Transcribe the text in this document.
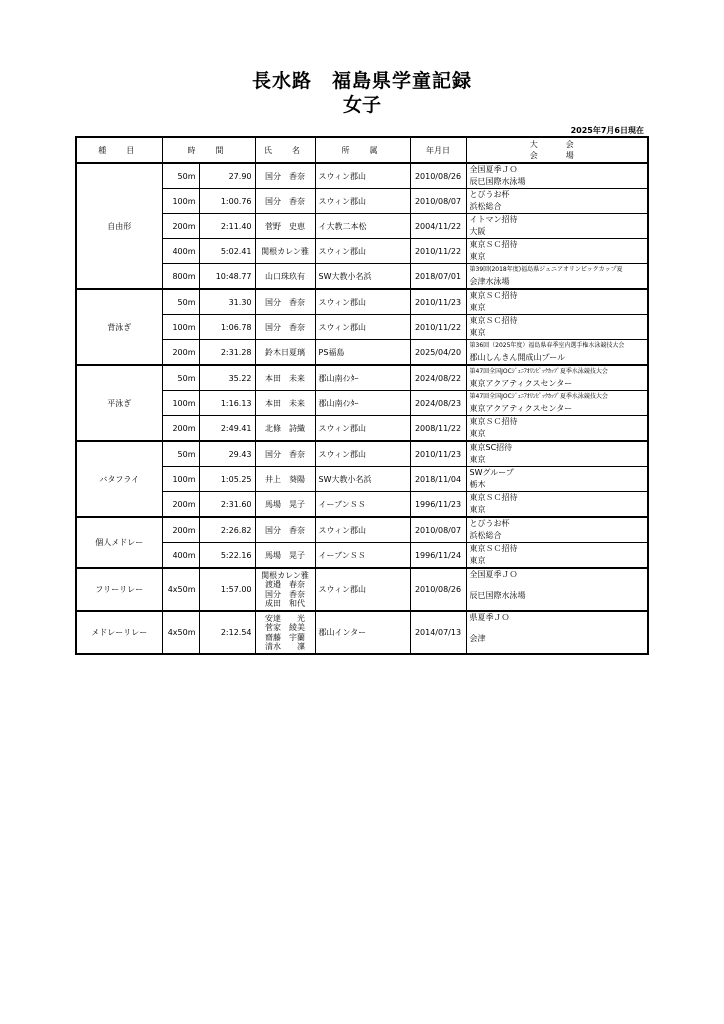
長水路　福島県学童記録
女子
2025年7月6日現在
種　目	時　間		氏　名	所　属	年月日	大　会
会　場

自由形	50m	27.90	国分　香奈	スウィン郡山	2010/08/26	全国夏季ＪＯ
辰巳国際水泳場

	100m	1:00.76	国分　香奈	スウィン郡山	2010/08/07	とびうお杯
浜松総合

	200m	2:11.40	菅野　史恵	イ大教二本松	2004/11/22	イトマン招待
大阪

	400m	5:02.41	関根カレン雅	スウィン郡山	2010/11/22	東京ＳＣ招待
東京

	800m	10:48.77	山口珠玖有	SW大教小名浜	2018/07/01	第39回(2018年度)福島県ジュニアオリンピックカップ夏
会津水泳場

背泳ぎ	50m	31.30	国分　香奈	スウィン郡山	2010/11/23	東京ＳＣ招待
東京

	100m	1:06.78	国分　香奈	スウィン郡山	2010/11/22	東京ＳＣ招待
東京

	200m	2:31.28	鈴木日夏璃	PS福島	2025/04/20	第36回（2025年度）福島県春季室内選手権水泳競技大会
郡山しんきん開成山プール

平泳ぎ	50m	35.22	本田　未来	郡山南ｲﾝﾀｰ	2024/08/22	第47回全国JOCｼﾞｭﾆｱｵﾘﾝﾋﾟｯｸｶｯﾌﾟ夏季水泳競技大会
東京アクアティクスセンター

	100m	1:16.13	本田　未来	郡山南ｲﾝﾀｰ	2024/08/23	第47回全国JOCｼﾞｭﾆｱｵﾘﾝﾋﾟｯｸｶｯﾌﾟ夏季水泳競技大会
東京アクアティクスセンター

	200m	2:49.41	北條　詩織	スウィン郡山	2008/11/22	東京ＳＣ招待
東京

バタフライ	50m	29.43	国分　香奈	スウィン郡山	2010/11/23	東京SC招待
東京

	100m	1:05.25	井上　葵陽	SW大教小名浜	2018/11/04	SWグループ
栃木

	200m	2:31.60	馬場　晃子	イーブンＳＳ	1996/11/23	東京ＳＣ招待
東京

個人メドレー	200m	2:26.82	国分　香奈	スウィン郡山	2010/08/07	とびうお杯
浜松総合

	400m	5:22.16	馬場　晃子	イーブンＳＳ	1996/11/24	東京ＳＣ招待
東京

フリーリレー	4x50m	1:57.00	関根カレン雅
渡邉　春奈
国分　香奈
成田　和代	スウィン郡山	2010/08/26	全国夏季ＪＯ
辰巳国際水泳場

メドレーリレー	4x50m	2:12.54	安達　　光
菅家　綾美
齋藤　宇蘭
清水　　凜	郡山インター	2014/07/13	県夏季ＪＯ
会津
